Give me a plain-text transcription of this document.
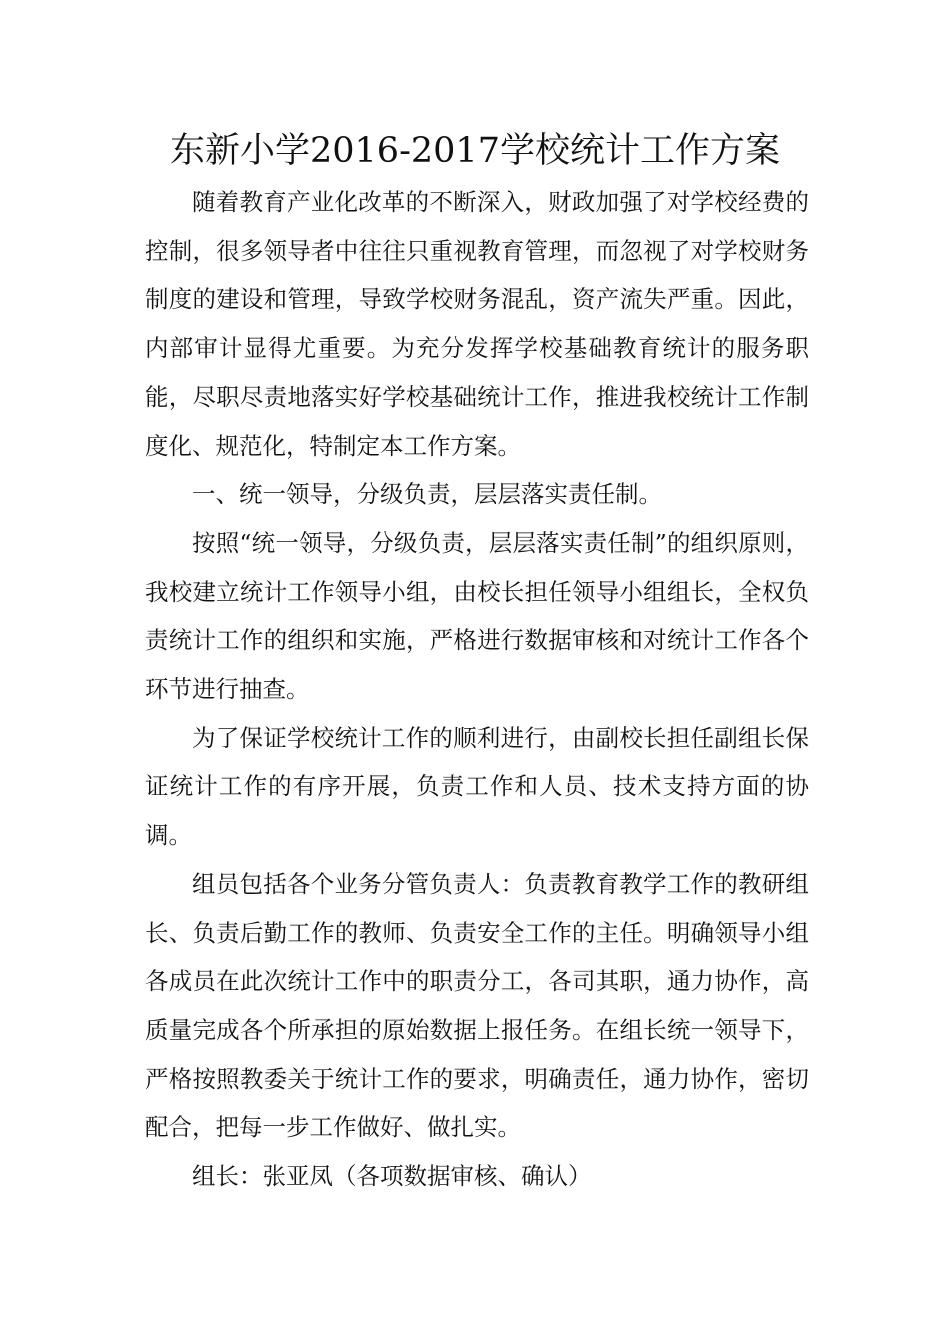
东新小学2016-2017学校统计工作方案

随着教育产业化改革的不断深入，财政加强了对学校经费的控制，很多领导者中往往只重视教育管理，而忽视了对学校财务制度的建设和管理，导致学校财务混乱，资产流失严重。因此，内部审计显得尤重要。为充分发挥学校基础教育统计的服务职能，尽职尽责地落实好学校基础统计工作，推进我校统计工作制度化、规范化，特制定本工作方案。

一、统一领导，分级负责，层层落实责任制。

按照“统一领导，分级负责，层层落实责任制”的组织原则，我校建立统计工作领导小组，由校长担任领导小组组长，全权负责统计工作的组织和实施，严格进行数据审核和对统计工作各个环节进行抽查。

为了保证学校统计工作的顺利进行，由副校长担任副组长保证统计工作的有序开展，负责工作和人员、技术支持方面的协调。

组员包括各个业务分管负责人：负责教育教学工作的教研组长、负责后勤工作的教师、负责安全工作的主任。明确领导小组各成员在此次统计工作中的职责分工，各司其职，通力协作，高质量完成各个所承担的原始数据上报任务。在组长统一领导下，严格按照教委关于统计工作的要求，明确责任，通力协作，密切配合，把每一步工作做好、做扎实。

组长：张亚凤（各项数据审核、确认）
